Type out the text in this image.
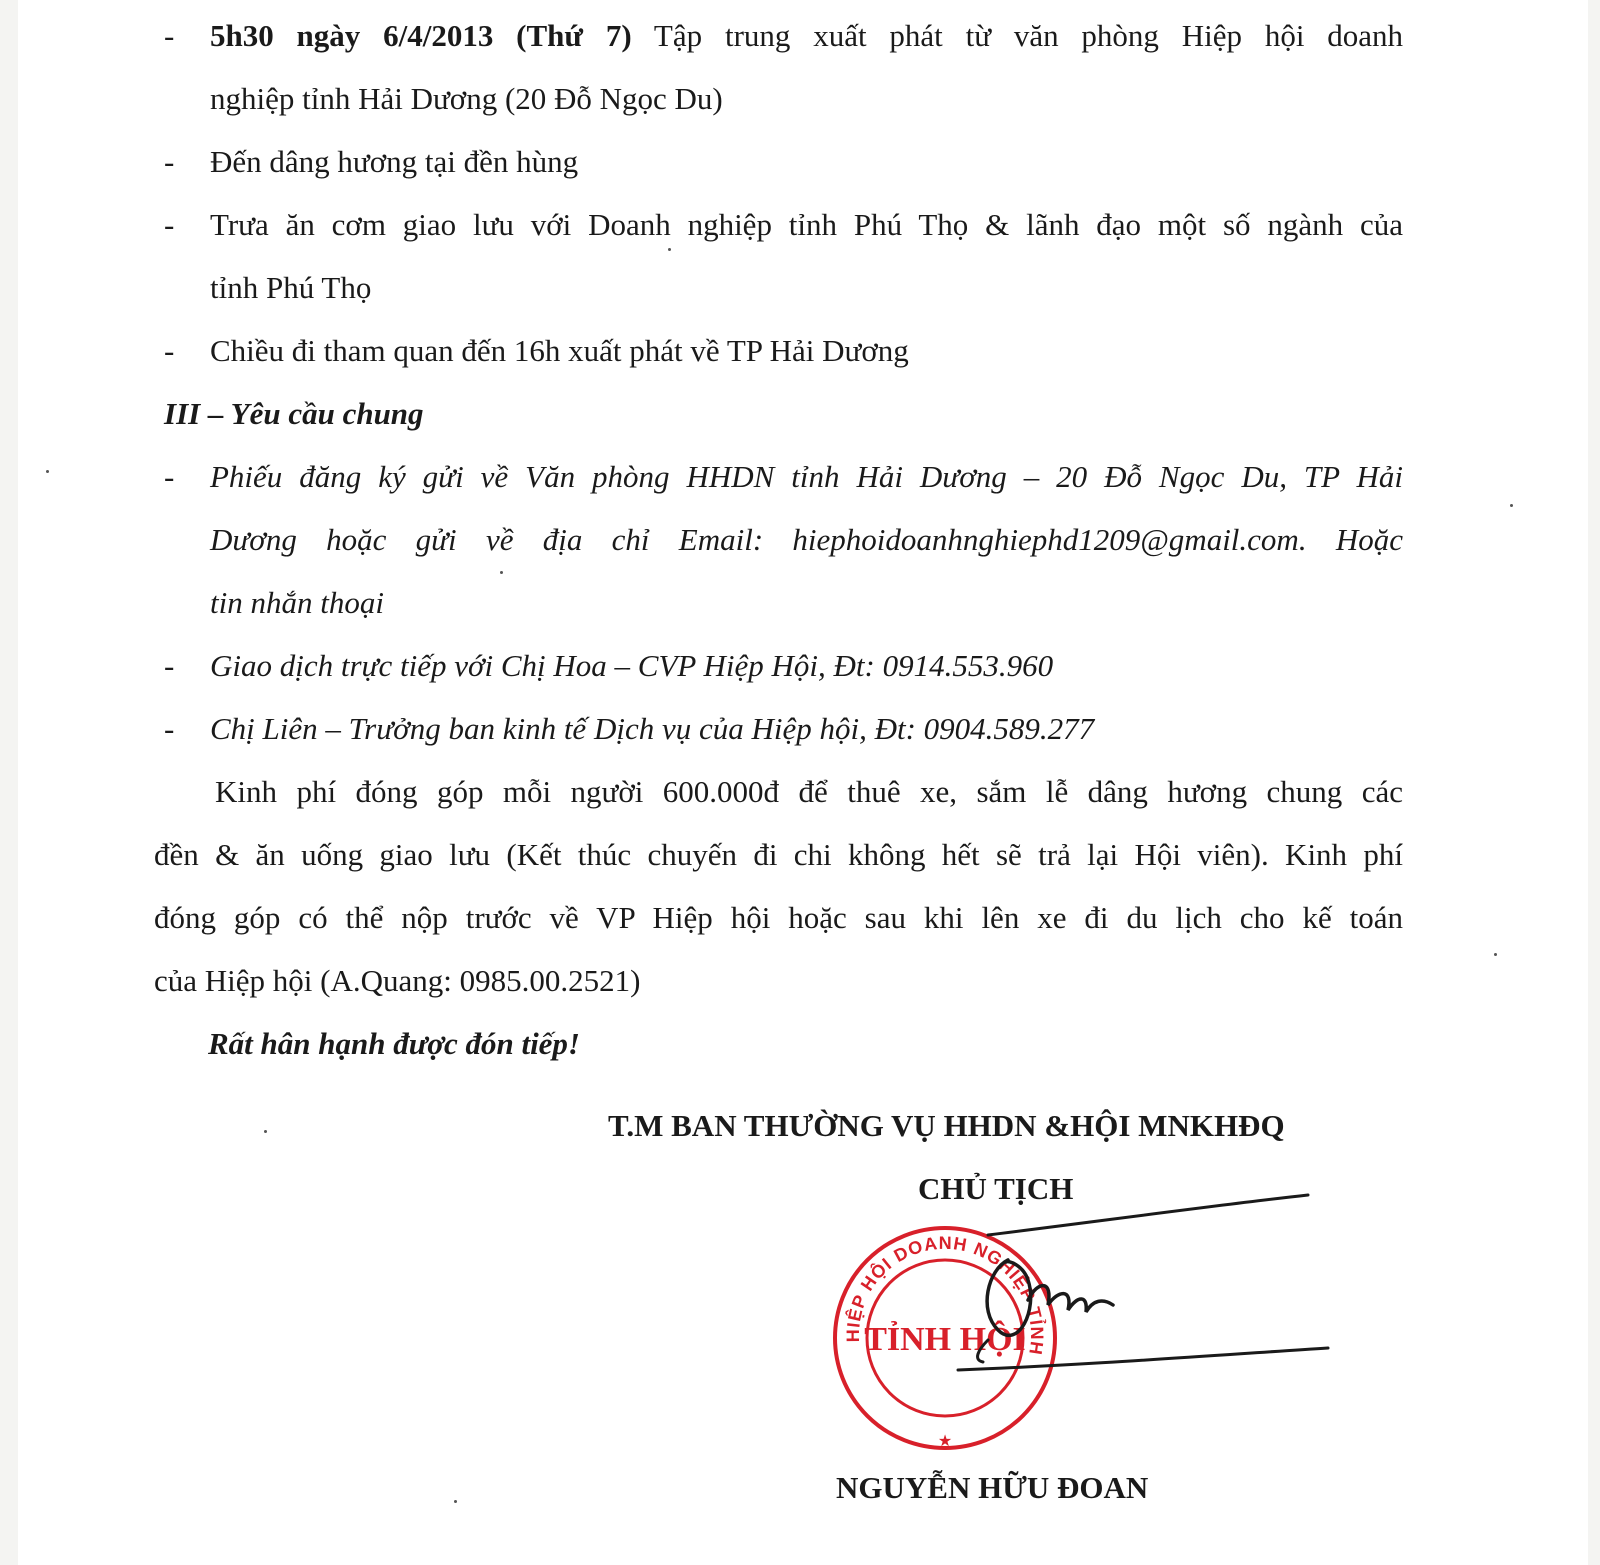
- 5h30 ngày 6/4/2013 (Thứ 7) Tập trung xuất phát từ văn phòng Hiệp hội doanh
nghiệp tỉnh Hải Dương (20 Đỗ Ngọc Du)
- Đến dâng hương tại đền hùng
- Trưa ăn cơm giao lưu với Doanh nghiệp tỉnh Phú Thọ & lãnh đạo một số ngành của
tỉnh Phú Thọ
- Chiều đi tham quan đến 16h xuất phát về TP Hải Dương
III – Yêu cầu chung
- Phiếu đăng ký gửi về Văn phòng HHDN tỉnh Hải Dương – 20 Đỗ Ngọc Du, TP Hải
Dương hoặc gửi về địa chỉ Email: hiephoidoanhnghiephd1209@gmail.com. Hoặc
tin nhắn thoại
- Giao dịch trực tiếp với Chị Hoa – CVP Hiệp Hội, Đt: 0914.553.960
- Chị Liên – Trưởng ban kinh tế Dịch vụ của Hiệp hội, Đt: 0904.589.277
Kinh phí đóng góp mỗi người 600.000đ để thuê xe, sắm lễ dâng hương chung các
đền & ăn uống giao lưu (Kết thúc chuyến đi chi không hết sẽ trả lại Hội viên). Kinh phí
đóng góp có thể nộp trước về VP Hiệp hội hoặc sau khi lên xe đi du lịch cho kế toán
của Hiệp hội (A.Quang: 0985.00.2521)
Rất hân hạnh được đón tiếp!
T.M BAN THƯỜNG VỤ HHDN &HỘI MNKHĐQ
CHỦ TỊCH
HIỆP HỘI DOANH NGHIỆP TỈNH
TỈNH HỘI
★
NGUYỄN HỮU ĐOAN
